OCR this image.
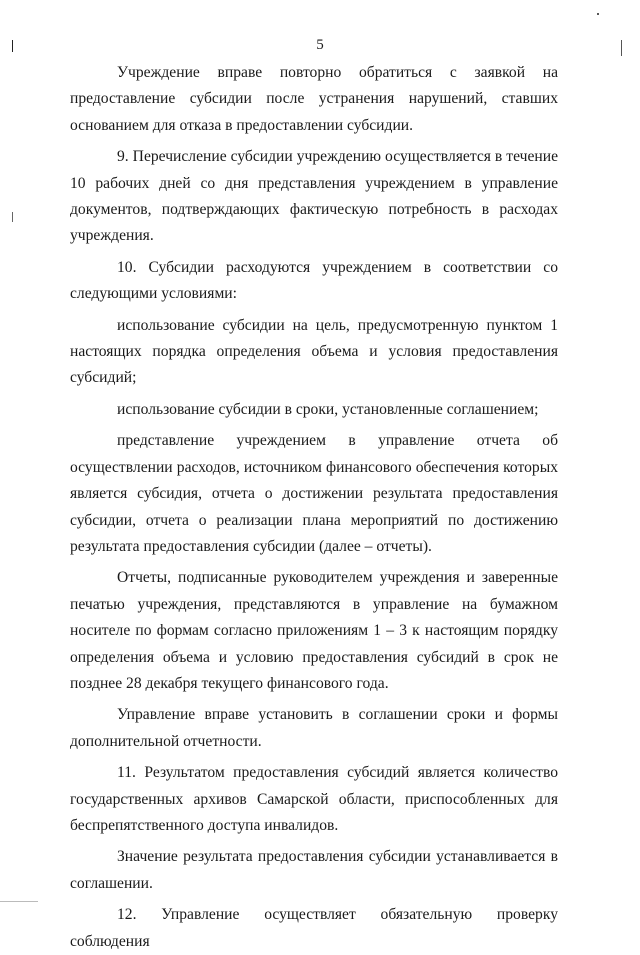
5

Учреждение вправе повторно обратиться с заявкой на предоставление субсидии после устранения нарушений, ставших основанием для отказа в предоставлении субсидии.

9. Перечисление субсидии учреждению осуществляется в течение 10 рабочих дней со дня представления учреждением в управление документов, подтверждающих фактическую потребность в расходах учреждения.

10. Субсидии расходуются учреждением в соответствии со следующими условиями:

использование субсидии на цель, предусмотренную пунктом 1 настоящих порядка определения объема и условия предоставления субсидий;

использование субсидии в сроки, установленные соглашением;

представление учреждением в управление отчета об осуществлении расходов, источником финансового обеспечения которых является субсидия, отчета о достижении результата предоставления субсидии, отчета о реализации плана мероприятий по достижению результата предоставления субсидии (далее – отчеты).

Отчеты, подписанные руководителем учреждения и заверенные печатью учреждения, представляются в управление на бумажном носителе по формам согласно приложениям 1 – 3 к настоящим порядку определения объема и условию предоставления субсидий в срок не позднее 28 декабря текущего финансового года.

Управление вправе установить в соглашении сроки и формы дополнительной отчетности.

11. Результатом предоставления субсидий является количество государственных архивов Самарской области, приспособленных для беспрепятственного доступа инвалидов.

Значение результата предоставления субсидии устанавливается в соглашении.

12. Управление осуществляет обязательную проверку соблюдения
